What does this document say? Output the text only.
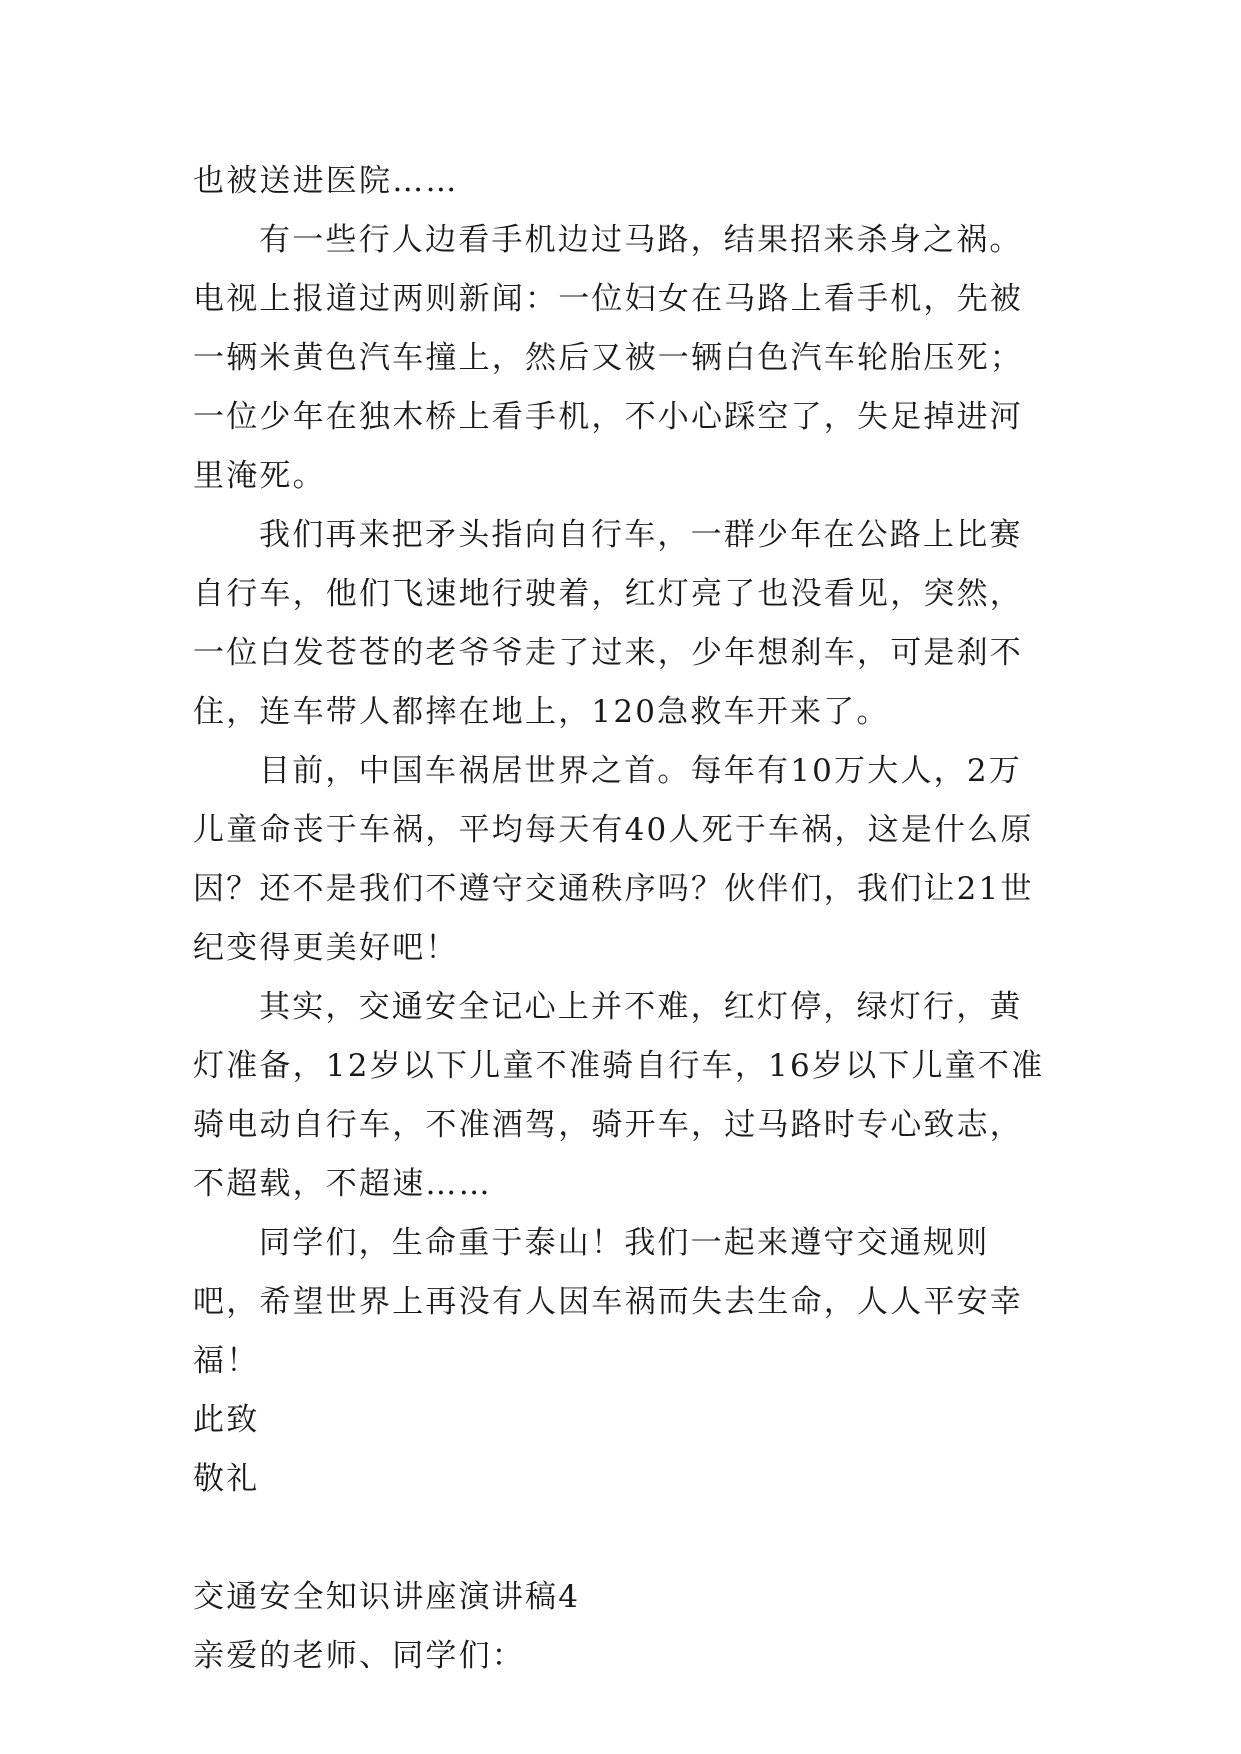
也被送进医院……

有一些行人边看手机边过马路，结果招来杀身之祸。电视上报道过两则新闻：一位妇女在马路上看手机，先被一辆米黄色汽车撞上，然后又被一辆白色汽车轮胎压死；一位少年在独木桥上看手机，不小心踩空了，失足掉进河里淹死。

我们再来把矛头指向自行车，一群少年在公路上比赛自行车，他们飞速地行驶着，红灯亮了也没看见，突然，一位白发苍苍的老爷爷走了过来，少年想刹车，可是刹不住，连车带人都摔在地上，120急救车开来了。

目前，中国车祸居世界之首。每年有10万大人，2万儿童命丧于车祸，平均每天有40人死于车祸，这是什么原因？还不是我们不遵守交通秩序吗？伙伴们，我们让21世纪变得更美好吧！

其实，交通安全记心上并不难，红灯停，绿灯行，黄灯准备，12岁以下儿童不准骑自行车，16岁以下儿童不准骑电动自行车，不准酒驾，骑开车，过马路时专心致志，不超载，不超速……

同学们，生命重于泰山！我们一起来遵守交通规则吧，希望世界上再没有人因车祸而失去生命，人人平安幸福！

此致

敬礼

交通安全知识讲座演讲稿4

亲爱的老师、同学们：
